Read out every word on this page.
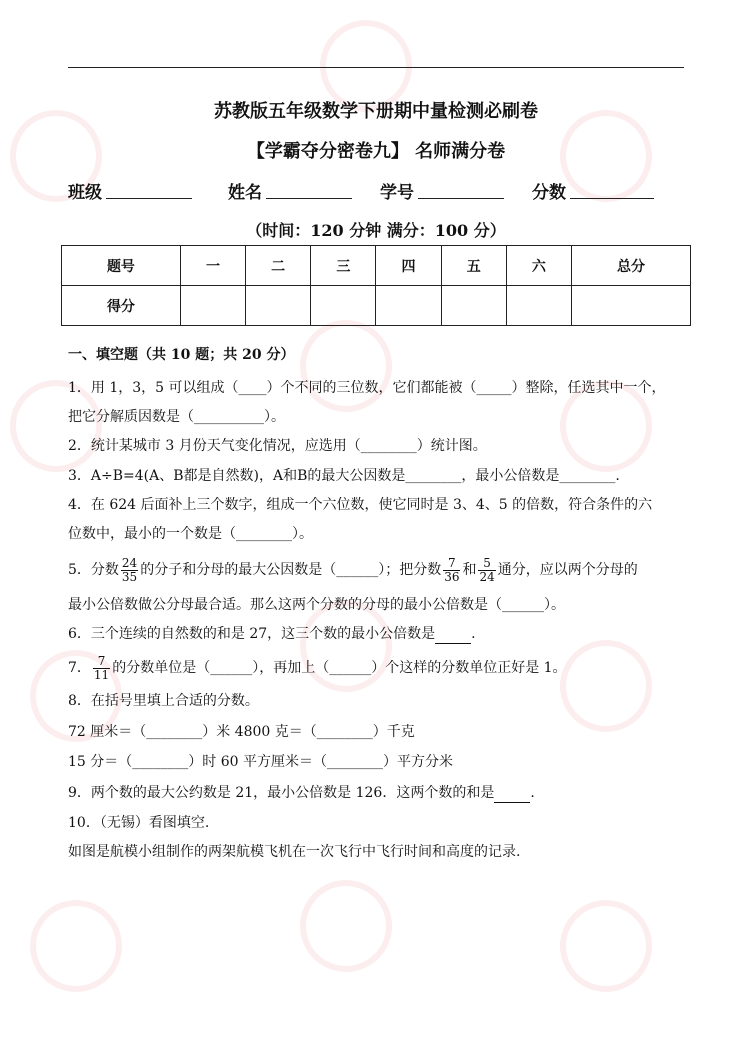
苏教版五年级数学下册期中量检测必刷卷
【学霸夺分密卷九】 名师满分卷
班级	姓名	学号	分数
（时间：120 分钟 满分：100 分）
题号	一	二	三	四	五	六	总分
得分							
一、填空题（共 10 题；共 20 分）
1．用 1，3，5 可以组成（____）个不同的三位数，它们都能被（_____）整除，任选其中一个，
把它分解质因数是（__________）。
2．统计某城市 3 月份天气变化情况，应选用（________）统计图。
3．A÷B=4(A、B都是自然数)，A和B的最大公因数是________，最小公倍数是________.
4．在 624 后面补上三个数字，组成一个六位数，使它同时是 3、4、5 的倍数，符合条件的六
位数中，最小的一个数是（________）。
5．分数 $\frac{24}{35}$ 的分子和分母的最大公因数是（______）；把分数 $\frac{7}{36}$ 和 $\frac{5}{24}$ 通分，应以两个分母的
最小公倍数做公分母最合适。那么这两个分数的分母的最小公倍数是（______）。
6．三个连续的自然数的和是 27，这三个数的最小公倍数是	.
7． $\frac{7}{11}$ 的分数单位是（______），再加上（______）个这样的分数单位正好是 1。
8．在括号里填上合适的分数。
72 厘米＝（________）米 4800 克＝（________）千克
15 分＝（________）时 60 平方厘米＝（________）平方分米
9．两个数的最大公约数是 21，最小公倍数是 126．这两个数的和是	.
10．（无锡）看图填空.
如图是航模小组制作的两架航模飞机在一次飞行中飞行时间和高度的记录.
